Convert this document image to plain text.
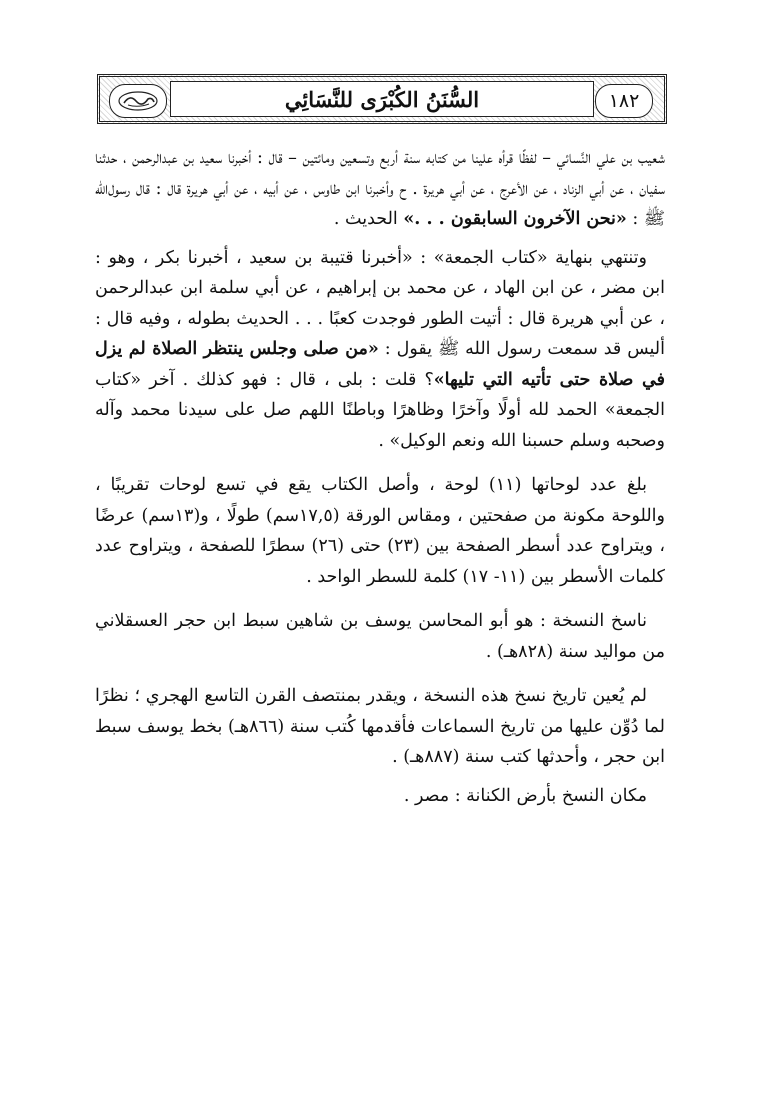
١٨٢
السُّنَنُ الكُبْرَى للنَّسَائِي

شعيب بن علي النَّسائي – لفظًا قرأه علينا من كتابه سنة أربع وتسعين ومائتين – قال : أخبرنا سعيد بن عبدالرحمن ، حدثنا سفيان ، عن أبي الزناد ، عن الأعرج ، عن أبي هريرة . ح وأخبرنا ابن طاوس ، عن أبيه ، عن أبي هريرة قال : قال رسول‌الله ﷺ : «نحن الآخرون السابقون . . .» الحديث .

وتنتهي بنهاية «كتاب الجمعة» : «أخبرنا قتيبة بن سعيد ، أخبرنا بكر ، وهو : ابن مضر ، عن ابن الهاد ، عن محمد بن إبراهيم ، عن أبي سلمة ابن عبدالرحمن ، عن أبي هريرة قال : أتيت الطور فوجدت كعبًا . . . الحديث بطوله ، وفيه قال : أليس قد سمعت رسول الله ﷺ يقول : «من صلى وجلس ينتظر الصلاة لم يزل في صلاة حتى تأتيه التي تليها»؟ قلت : بلى ، قال : فهو كذلك . آخر «كتاب الجمعة» الحمد لله أولًا وآخرًا وظاهرًا وباطنًا اللهم صل على سيدنا محمد وآله وصحبه وسلم حسبنا الله ونعم الوكيل» .

بلغ عدد لوحاتها (١١) لوحة ، وأصل الكتاب يقع في تسع لوحات تقريبًا ، واللوحة مكونة من صفحتين ، ومقاس الورقة (١٧,٥سم) طولًا ، و(١٣سم) عرضًا ، ويتراوح عدد أسطر الصفحة بين (٢٣) حتى (٢٦) سطرًا للصفحة ، ويتراوح عدد كلمات الأسطر بين (١١- ١٧) كلمة للسطر الواحد .

ناسخ النسخة : هو أبو المحاسن يوسف بن شاهين سبط ابن حجر العسقلاني من مواليد سنة (٨٢٨هـ) .

لم يُعين تاريخ نسخ هذه النسخة ، ويقدر بمنتصف القرن التاسع الهجري ؛ نظرًا لما دُوِّن عليها من تاريخ السماعات فأقدمها كُتب سنة (٨٦٦هـ) بخط يوسف سبط ابن حجر ، وأحدثها كتب سنة (٨٨٧هـ) .

مكان النسخ بأرض الكنانة : مصر .
